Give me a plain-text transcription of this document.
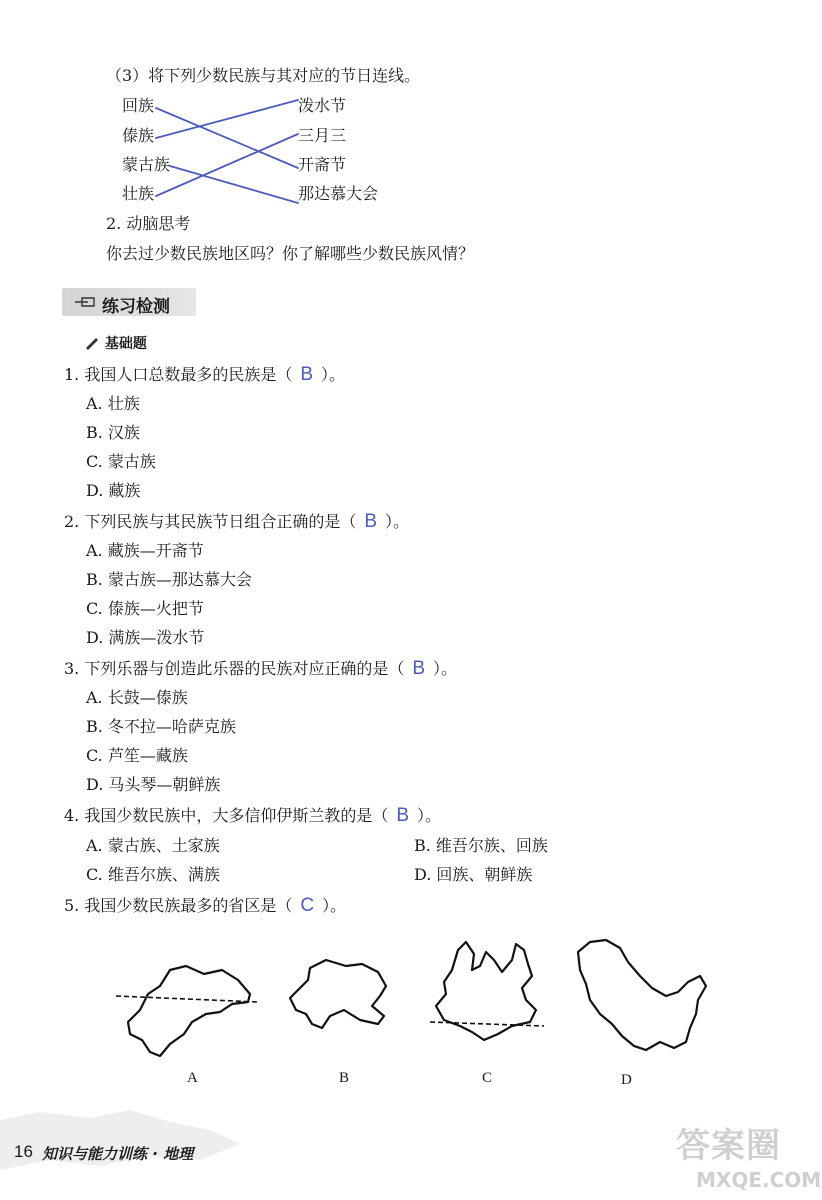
（3）将下列少数民族与其对应的节日连线。
回族
傣族
蒙古族
壮族
泼水节
三月三
开斋节
那达慕大会
2. 动脑思考
你去过少数民族地区吗？你了解哪些少数民族风情？
练习检测
基础题
1. 我国人口总数最多的民族是（ B ）。
A. 壮族
B. 汉族
C. 蒙古族
D. 藏族
2. 下列民族与其民族节日组合正确的是（ B ）。
A. 藏族—开斋节
B. 蒙古族—那达慕大会
C. 傣族—火把节
D. 满族—泼水节
3. 下列乐器与创造此乐器的民族对应正确的是（ B ）。
A. 长鼓—傣族
B. 冬不拉—哈萨克族
C. 芦笙—藏族
D. 马头琴—朝鲜族
4. 我国少数民族中，大多信仰伊斯兰教的是（ B ）。
A. 蒙古族、土家族	B. 维吾尔族、回族
C. 维吾尔族、满族	D. 回族、朝鲜族
5. 我国少数民族最多的省区是（ C ）。
A	B	C	D
16 知识与能力训练 · 地理	答案圈
MXQE.COM
